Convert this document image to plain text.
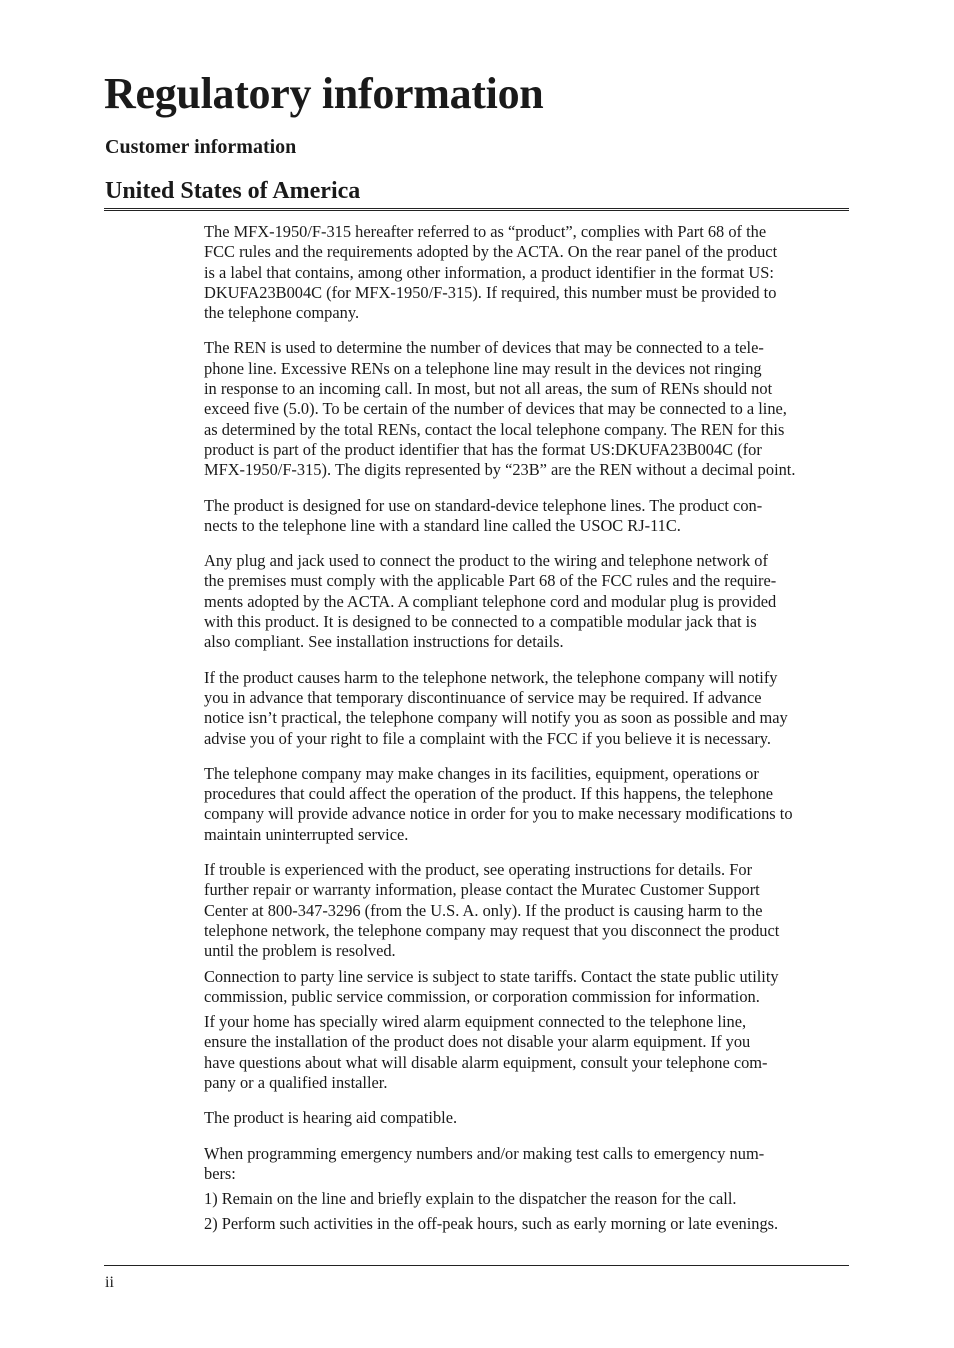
Regulatory information
Customer information
United States of America

The MFX-1950/F-315 hereafter referred to as “product”, complies with Part 68 of the

FCC rules and the requirements adopted by the ACTA. On the rear panel of the product

is a label that contains, among other information, a product identifier in the format US:

DKUFA23B004C (for MFX-1950/F-315). If required, this number must be provided to

the telephone company.

The REN is used to determine the number of devices that may be connected to a tele-

phone line. Excessive RENs on a telephone line may result in the devices not ringing

in response to an incoming call. In most, but not all areas, the sum of RENs should not

exceed five (5.0). To be certain of the number of devices that may be connected to a line,

as determined by the total RENs, contact the local telephone company. The REN for this

product is part of the product identifier that has the format US:DKUFA23B004C (for

MFX-1950/F-315). The digits represented by “23B” are the REN without a decimal point.

The product is designed for use on standard-device telephone lines. The product con-

nects to the telephone line with a standard line called the USOC RJ-11C.

Any plug and jack used to connect the product to the wiring and telephone network of

the premises must comply with the applicable Part 68 of the FCC rules and the require-

ments adopted by the ACTA. A compliant telephone cord and modular plug is provided

with this product. It is designed to be connected to a compatible modular jack that is

also compliant. See installation instructions for details.

If the product causes harm to the telephone network, the telephone company will notify

you in advance that temporary discontinuance of service may be required. If advance

notice isn’t practical, the telephone company will notify you as soon as possible and may

advise you of your right to file a complaint with the FCC if you believe it is necessary.

The telephone company may make changes in its facilities, equipment, operations or

procedures that could affect the operation of the product. If this happens, the telephone

company will provide advance notice in order for you to make necessary modifications to

maintain uninterrupted service.

If trouble is experienced with the product, see operating instructions for details. For

further repair or warranty information, please contact the Muratec Customer Support

Center at 800-347-3296 (from the U.S. A. only). If the product is causing harm to the

telephone network, the telephone company may request that you disconnect the product

until the problem is resolved.

Connection to party line service is subject to state tariffs. Contact the state public utility

commission, public service commission, or corporation commission for information.

If your home has specially wired alarm equipment connected to the telephone line,

ensure the installation of the product does not disable your alarm equipment. If you

have questions about what will disable alarm equipment, consult your telephone com-

pany or a qualified installer.

The product is hearing aid compatible.

When programming emergency numbers and/or making test calls to emergency num-

bers:

1) Remain on the line and briefly explain to the dispatcher the reason for the call.

2) Perform such activities in the off-peak hours, such as early morning or late evenings.

ii
